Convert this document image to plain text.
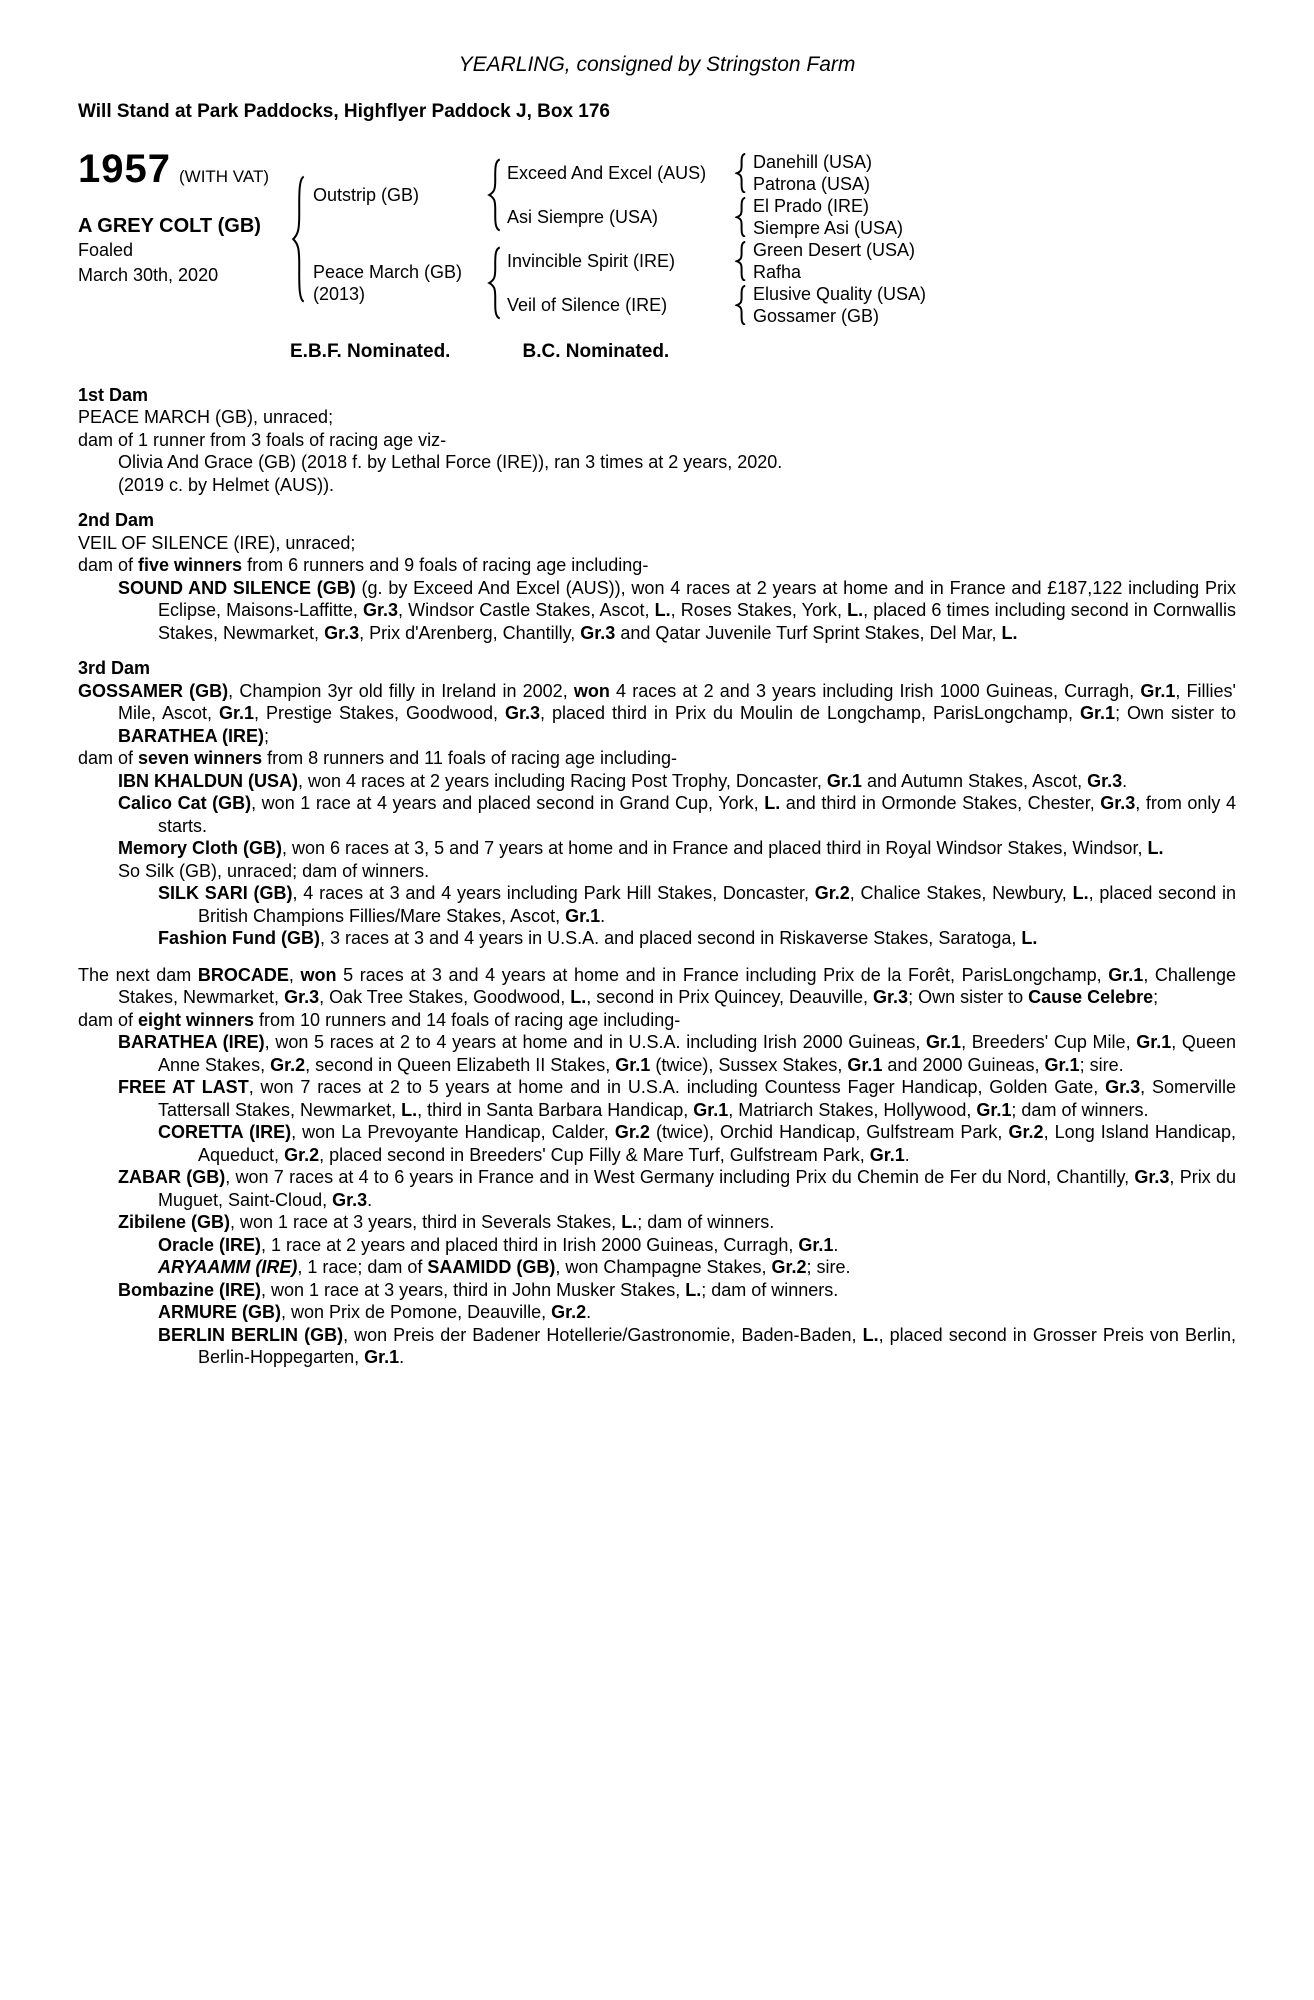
YEARLING, consigned by Stringston Farm
Will Stand at Park Paddocks, Highflyer Paddock J, Box 176
1957 (WITH VAT)
A GREY COLT (GB)
Foaled
March 30th, 2020
Outstrip (GB)
Peace March (GB)
(2013)
Exceed And Excel (AUS)
Asi Siempre (USA)
Invincible Spirit (IRE)
Veil of Silence (IRE)
Danehill (USA)
Patrona (USA)
El Prado (IRE)
Siempre Asi (USA)
Green Desert (USA)
Rafha
Elusive Quality (USA)
Gossamer (GB)
E.B.F. Nominated.	B.C. Nominated.
1st Dam
PEACE MARCH (GB), unraced;
dam of 1 runner from 3 foals of racing age viz-
Olivia And Grace (GB) (2018 f. by Lethal Force (IRE)), ran 3 times at 2 years, 2020.
(2019 c. by Helmet (AUS)).
2nd Dam
VEIL OF SILENCE (IRE), unraced;
dam of five winners from 6 runners and 9 foals of racing age including-
SOUND AND SILENCE (GB) (g. by Exceed And Excel (AUS)), won 4 races at 2 years at home and in France and £187,122 including Prix Eclipse, Maisons-Laffitte, Gr.3, Windsor Castle Stakes, Ascot, L., Roses Stakes, York, L., placed 6 times including second in Cornwallis Stakes, Newmarket, Gr.3, Prix d'Arenberg, Chantilly, Gr.3 and Qatar Juvenile Turf Sprint Stakes, Del Mar, L.
3rd Dam
GOSSAMER (GB), Champion 3yr old filly in Ireland in 2002, won 4 races at 2 and 3 years including Irish 1000 Guineas, Curragh, Gr.1, Fillies' Mile, Ascot, Gr.1, Prestige Stakes, Goodwood, Gr.3, placed third in Prix du Moulin de Longchamp, ParisLongchamp, Gr.1; Own sister to BARATHEA (IRE);
dam of seven winners from 8 runners and 11 foals of racing age including-
IBN KHALDUN (USA), won 4 races at 2 years including Racing Post Trophy, Doncaster, Gr.1 and Autumn Stakes, Ascot, Gr.3.
Calico Cat (GB), won 1 race at 4 years and placed second in Grand Cup, York, L. and third in Ormonde Stakes, Chester, Gr.3, from only 4 starts.
Memory Cloth (GB), won 6 races at 3, 5 and 7 years at home and in France and placed third in Royal Windsor Stakes, Windsor, L.
So Silk (GB), unraced; dam of winners.
SILK SARI (GB), 4 races at 3 and 4 years including Park Hill Stakes, Doncaster, Gr.2, Chalice Stakes, Newbury, L., placed second in British Champions Fillies/Mare Stakes, Ascot, Gr.1.
Fashion Fund (GB), 3 races at 3 and 4 years in U.S.A. and placed second in Riskaverse Stakes, Saratoga, L.
The next dam BROCADE, won 5 races at 3 and 4 years at home and in France including Prix de la Forêt, ParisLongchamp, Gr.1, Challenge Stakes, Newmarket, Gr.3, Oak Tree Stakes, Goodwood, L., second in Prix Quincey, Deauville, Gr.3; Own sister to Cause Celebre;
dam of eight winners from 10 runners and 14 foals of racing age including-
BARATHEA (IRE), won 5 races at 2 to 4 years at home and in U.S.A. including Irish 2000 Guineas, Gr.1, Breeders' Cup Mile, Gr.1, Queen Anne Stakes, Gr.2, second in Queen Elizabeth II Stakes, Gr.1 (twice), Sussex Stakes, Gr.1 and 2000 Guineas, Gr.1; sire.
FREE AT LAST, won 7 races at 2 to 5 years at home and in U.S.A. including Countess Fager Handicap, Golden Gate, Gr.3, Somerville Tattersall Stakes, Newmarket, L., third in Santa Barbara Handicap, Gr.1, Matriarch Stakes, Hollywood, Gr.1; dam of winners.
CORETTA (IRE), won La Prevoyante Handicap, Calder, Gr.2 (twice), Orchid Handicap, Gulfstream Park, Gr.2, Long Island Handicap, Aqueduct, Gr.2, placed second in Breeders' Cup Filly & Mare Turf, Gulfstream Park, Gr.1.
ZABAR (GB), won 7 races at 4 to 6 years in France and in West Germany including Prix du Chemin de Fer du Nord, Chantilly, Gr.3, Prix du Muguet, Saint-Cloud, Gr.3.
Zibilene (GB), won 1 race at 3 years, third in Severals Stakes, L.; dam of winners.
Oracle (IRE), 1 race at 2 years and placed third in Irish 2000 Guineas, Curragh, Gr.1.
ARYAAMM (IRE), 1 race; dam of SAAMIDD (GB), won Champagne Stakes, Gr.2; sire.
Bombazine (IRE), won 1 race at 3 years, third in John Musker Stakes, L.; dam of winners.
ARMURE (GB), won Prix de Pomone, Deauville, Gr.2.
BERLIN BERLIN (GB), won Preis der Badener Hotellerie/Gastronomie, Baden-Baden, L., placed second in Grosser Preis von Berlin, Berlin-Hoppegarten, Gr.1.
